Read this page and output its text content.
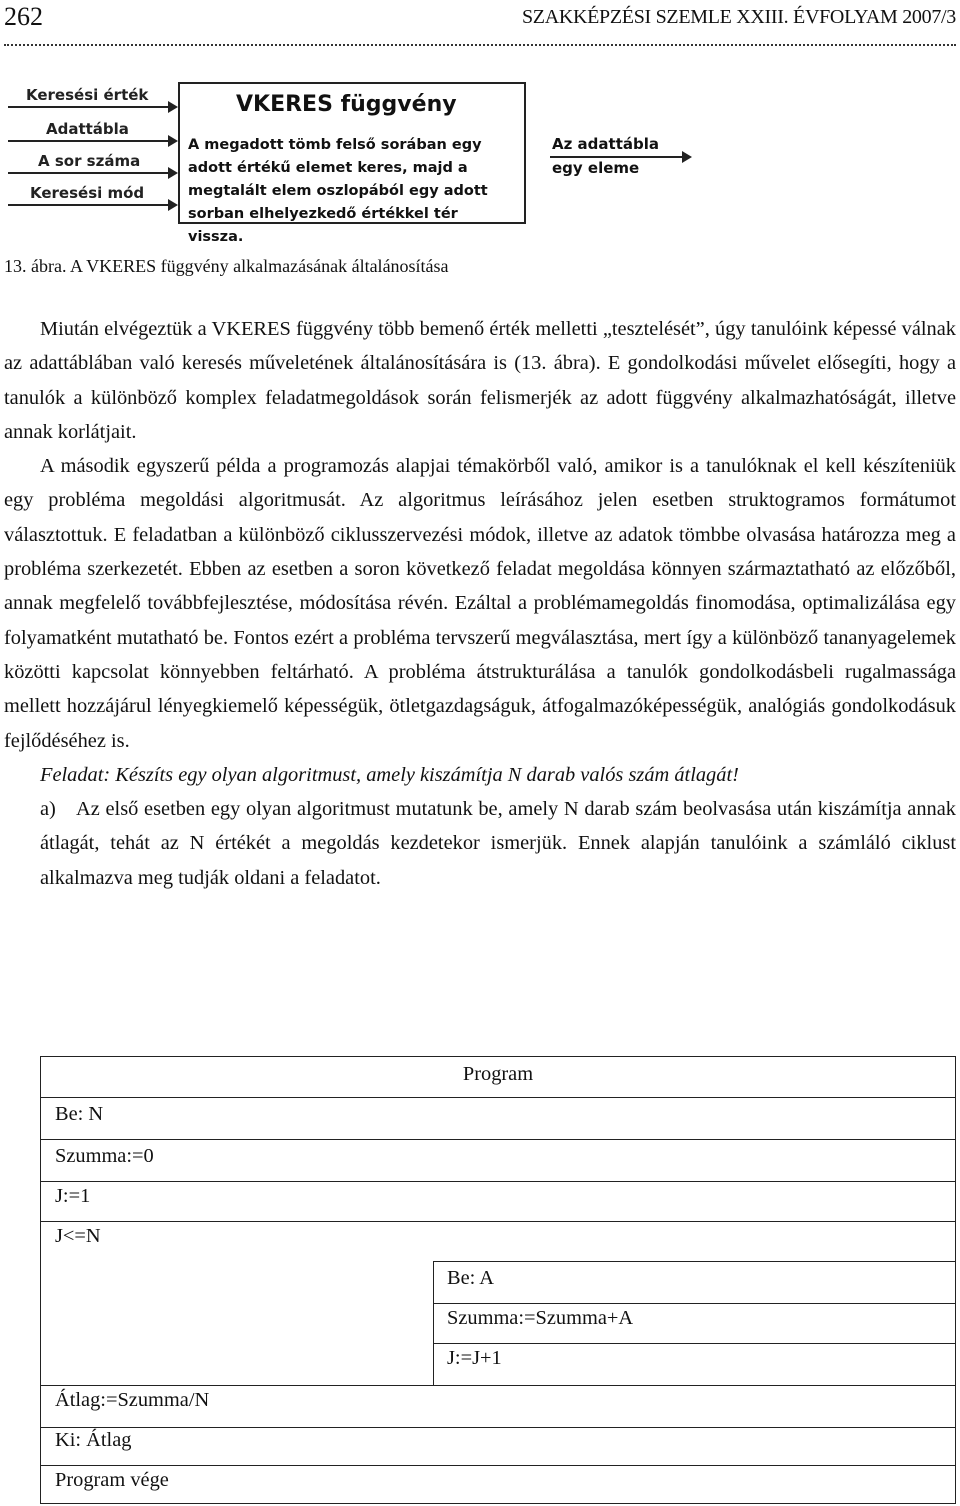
262	SZAKKÉPZÉSI SZEMLE XXIII. ÉVFOLYAM 2007/3
Keresési érték
Adattábla
A sor száma
Keresési mód
VKERES függvény
A megadott tömb felső sorában egy adott értékű elemet keres, majd a megtalált elem oszlopából egy adott sorban elhelyezkedő értékkel tér vissza.
Az adattábla
egy eleme
13. ábra. A VKERES függvény alkalmazásának általánosítása

Miután elvégeztük a VKERES függvény több bemenő érték melletti „tesztelését”, úgy tanulóink képessé válnak az adattáblában való keresés műveletének általánosítására is (13. ábra). E gondolkodási művelet elősegíti, hogy a tanulók a különböző komplex feladatmegoldások során felismerjék az adott függvény alkalmazhatóságát, illetve annak korlátjait.

A második egyszerű példa a programozás alapjai témakörből való, amikor is a tanulóknak el kell készíteniük egy probléma megoldási algoritmusát. Az algoritmus leírásához jelen esetben struktogramos formátumot választottuk. E feladatban a különböző ciklusszervezési módok, illetve az adatok tömbbe olvasása határozza meg a probléma szerkezetét. Ebben az esetben a soron következő feladat megoldása könnyen származtatható az előzőből, annak megfelelő továbbfejlesztése, módosítása révén. Ezáltal a problémamegoldás finomodása, optimalizálása egy folyamatként mutatható be. Fontos ezért a probléma tervszerű megválasztása, mert így a különböző tananyagelemek közötti kapcsolat könnyebben feltárható. A probléma átstrukturálása a tanulók gondolkodásbeli rugalmassága mellett hozzájárul lényegkiemelő képességük, ötletgazdagságuk, átfogalmazóképességük, analógiás gondolkodásuk fejlődéséhez is.

Feladat: Készíts egy olyan algoritmust, amely kiszámítja N darab valós szám átlagát!

a) Az első esetben egy olyan algoritmust mutatunk be, amely N darab szám beolvasása után kiszámítja annak átlagát, tehát az N értékét a megoldás kezdetekor ismerjük. Ennek alapján tanulóink a számláló ciklust alkalmazva meg tudják oldani a feladatot.

Program
Be: N
Szumma:=0
J:=1
J<=N
Be: A
Szumma:=Szumma+A
J:=J+1
Átlag:=Szumma/N
Ki: Átlag
Program vége
